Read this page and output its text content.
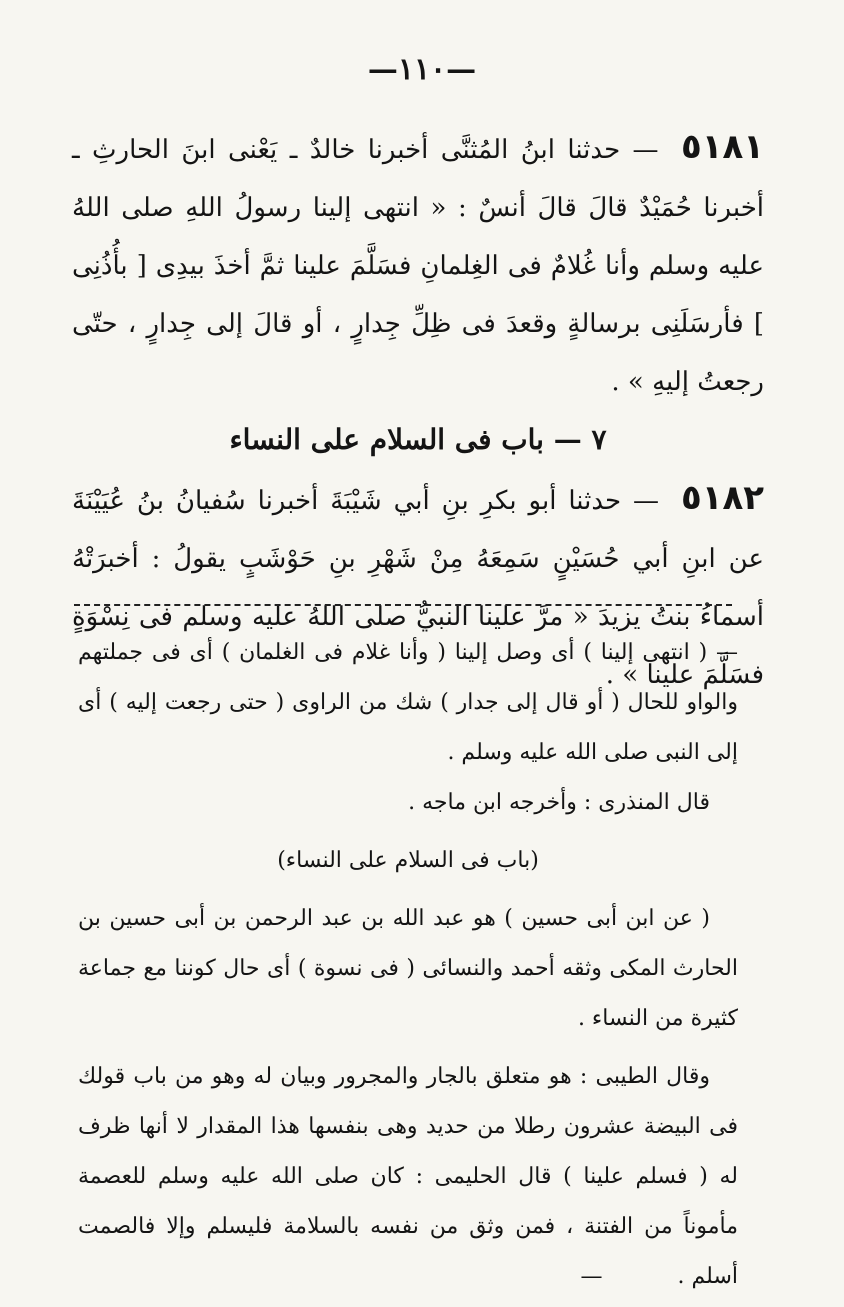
—١١٠—

٥١٨١ — حدثنا ابنُ المُثنَّى أخبرنا خالدٌ ـ يَعْنى ابنَ الحارثِ ـ أخبرنا حُمَيْدٌ قالَ قالَ أنسٌ : « انتهى إلينا رسولُ اللهِ صلى اللهُ عليه وسلم وأنا غُلامٌ فى الغِلمانِ فسَلَّمَ علينا ثمَّ أخذَ بيدِى [ بأُذُنِى ] فأرسَلَنِى برسالةٍ وقعدَ فى ظِلِّ جِدارٍ ، أو قالَ إلى جِدارٍ ، حتّى رجعتُ إليهِ » .

٧ — باب فى السلام على النساء

٥١٨٢ — حدثنا أبو بكرِ بنِ أبي شَيْبَةَ أخبرنا سُفيانُ بنُ عُيَيْنَةَ عن ابنِ أبي حُسَيْنٍ سَمِعَهُ مِنْ شَهْرِ بنِ حَوْشَبٍ يقولُ : أخبرَتْهُ أسماءُ بنتُ يزيدَ « مرَّ علينا النبيُّ صلى اللهُ عليه وسلم فى نِسْوَةٍ فسَلَّمَ علينا » .

— ( انتهى إلينا ) أى وصل إلينا ( وأنا غلام فى الغلمان ) أى فى جملتهم والواو للحال ( أو قال إلى جدار ) شك من الراوى ( حتى رجعت إليه ) أى إلى النبى صلى الله عليه وسلم .

قال المنذرى : وأخرجه ابن ماجه .

(باب فى السلام على النساء)

( عن ابن أبى حسين ) هو عبد الله بن عبد الرحمن بن أبى حسين بن الحارث المكى وثقه أحمد والنسائى ( فى نسوة ) أى حال كوننا مع جماعة كثيرة من النساء .

وقال الطيبى : هو متعلق بالجار والمجرور وبيان له وهو من باب قولك فى البيضة عشرون رطلا من حديد وهى بنفسها هذا المقدار لا أنها ظرف له ( فسلم علينا ) قال الحليمى : كان صلى الله عليه وسلم للعصمة مأموناً من الفتنة ، فمن وثق من نفسه بالسلامة فليسلم وإلا فالصمت أسلم . —
